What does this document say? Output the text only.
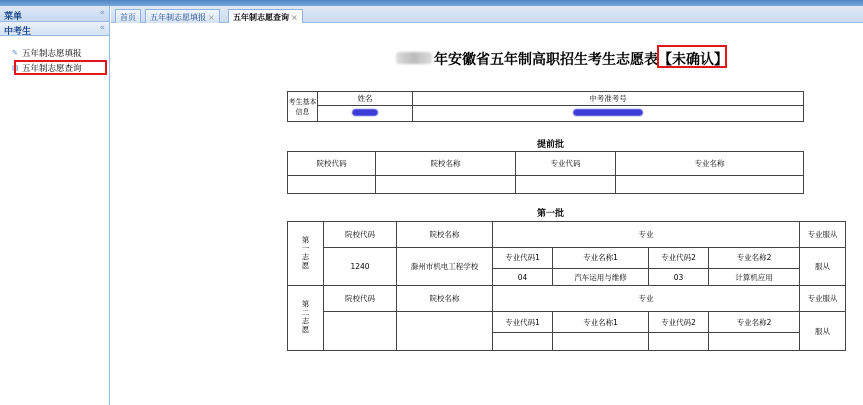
菜单	«
中考生	«
✎ 五年制志愿填报
▤ 五年制志愿查询
首页	五年制志愿填报 ×	五年制志愿查询 ×
年安徽省五年制高职招生考生志愿表【未确认】
考生基本信息	姓名	中考准考号

提前批
院校代码	院校名称	专业代码	专业名称

第一批
第一志愿	院校代码	院校名称	专业				专业服从
	1240	滁州市机电工程学校	专业代码1	专业名称1	专业代码2	专业名称2	服从
			04	汽车运用与维修	03	计算机应用	
第二志愿	院校代码	院校名称	专业				专业服从
			专业代码1	专业名称1	专业代码2	专业名称2	服从
